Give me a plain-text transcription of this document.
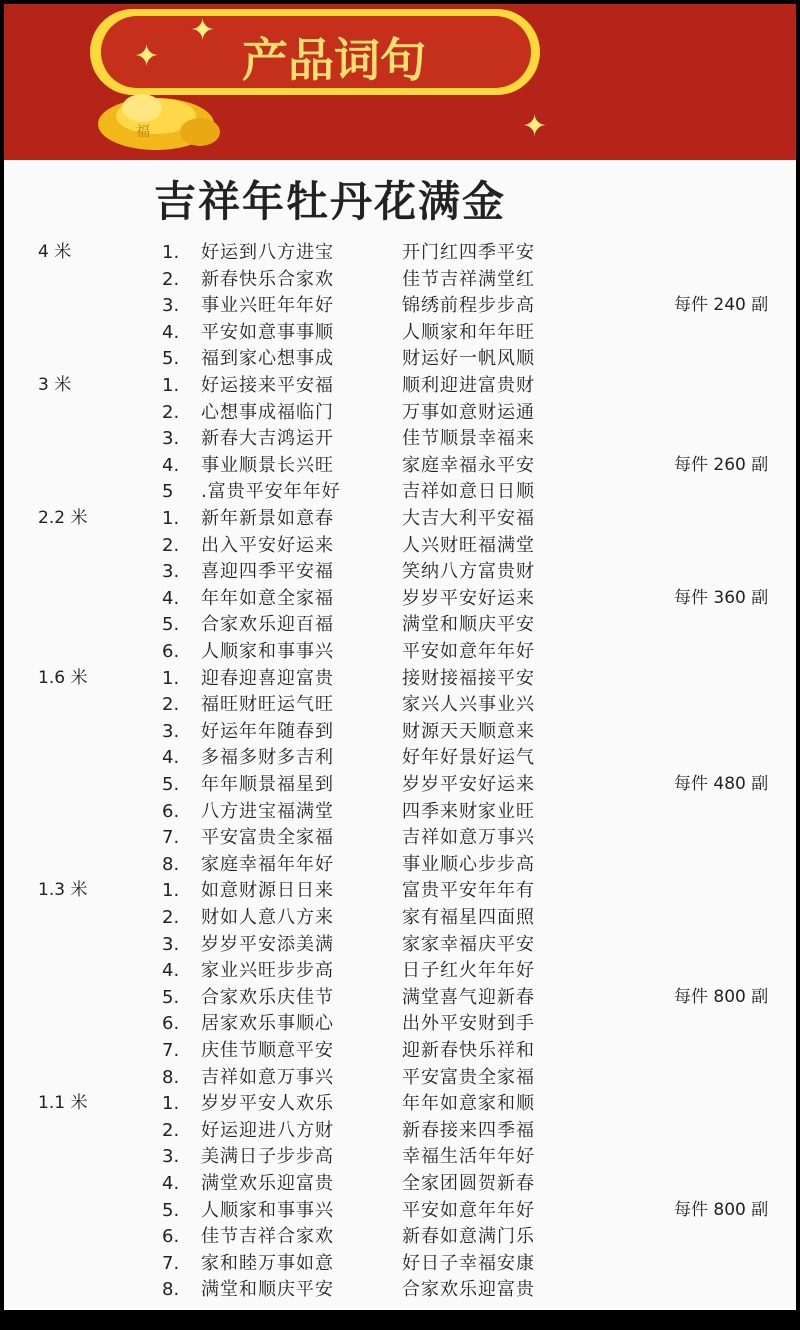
产品词句
福
✦
✦
✦
吉祥年牡丹花满金
4 米	1.	好运到八方进宝	开门红四季平安
2.	新春快乐合家欢	佳节吉祥满堂红
3.	事业兴旺年年好	锦绣前程步步高	每件 240 副
4.	平安如意事事顺	人顺家和年年旺
5.	福到家心想事成	财运好一帆风顺
3 米	1.	好运接来平安福	顺利迎进富贵财
2.	心想事成福临门	万事如意财运通
3.	新春大吉鸿运开	佳节顺景幸福来
4.	事业顺景长兴旺	家庭幸福永平安	每件 260 副
5	.富贵平安年年好	吉祥如意日日顺
2.2 米	1.	新年新景如意春	大吉大利平安福
2.	出入平安好运来	人兴财旺福满堂
3.	喜迎四季平安福	笑纳八方富贵财
4.	年年如意全家福	岁岁平安好运来	每件 360 副
5.	合家欢乐迎百福	满堂和顺庆平安
6.	人顺家和事事兴	平安如意年年好
1.6 米	1.	迎春迎喜迎富贵	接财接福接平安
2.	福旺财旺运气旺	家兴人兴事业兴
3.	好运年年随春到	财源天天顺意来
4.	多福多财多吉利	好年好景好运气
5.	年年顺景福星到	岁岁平安好运来	每件 480 副
6.	八方进宝福满堂	四季来财家业旺
7.	平安富贵全家福	吉祥如意万事兴
8.	家庭幸福年年好	事业顺心步步高
1.3 米	1.	如意财源日日来	富贵平安年年有
2.	财如人意八方来	家有福星四面照
3.	岁岁平安添美满	家家幸福庆平安
4.	家业兴旺步步高	日子红火年年好
5.	合家欢乐庆佳节	满堂喜气迎新春	每件 800 副
6.	居家欢乐事顺心	出外平安财到手
7.	庆佳节顺意平安	迎新春快乐祥和
8.	吉祥如意万事兴	平安富贵全家福
1.1 米	1.	岁岁平安人欢乐	年年如意家和顺
2.	好运迎进八方财	新春接来四季福
3.	美满日子步步高	幸福生活年年好
4.	满堂欢乐迎富贵	全家团圆贺新春
5.	人顺家和事事兴	平安如意年年好	每件 800 副
6.	佳节吉祥合家欢	新春如意满门乐
7.	家和睦万事如意	好日子幸福安康
8.	满堂和顺庆平安	合家欢乐迎富贵
